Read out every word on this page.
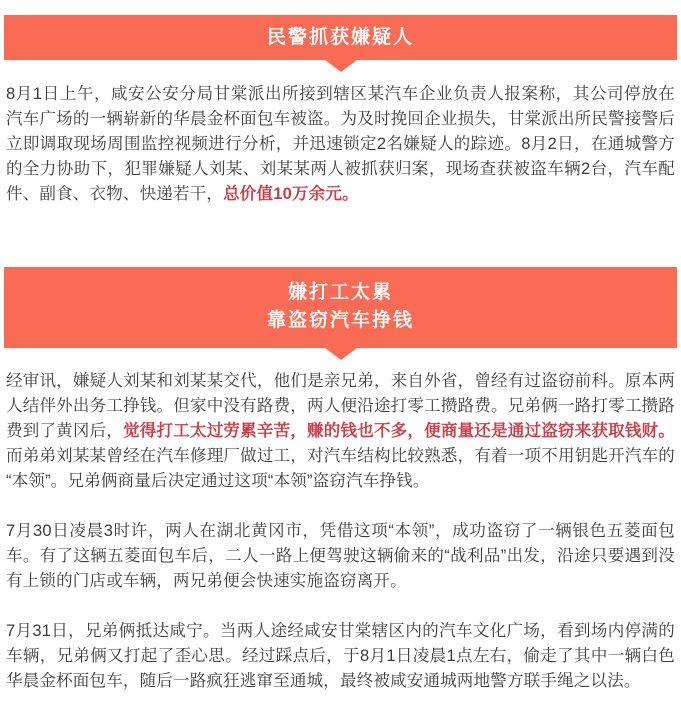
民警抓获嫌疑人

8月1日上午，咸安公安分局甘棠派出所接到辖区某汽车企业负责人报案称，其公司停放在汽车广场的一辆崭新的华晨金杯面包车被盗。为及时挽回企业损失，甘棠派出所民警接警后立即调取现场周围监控视频进行分析，并迅速锁定2名嫌疑人的踪迹。8月2日，在通城警方的全力协助下，犯罪嫌疑人刘某、刘某某两人被抓获归案，现场查获被盗车辆2台，汽车配件、副食、衣物、快递若干，总价值10万余元。

嫌打工太累
靠盗窃汽车挣钱

经审讯，嫌疑人刘某和刘某某交代，他们是亲兄弟，来自外省，曾经有过盗窃前科。原本两人结伴外出务工挣钱。但家中没有路费，两人便沿途打零工攒路费。兄弟俩一路打零工攒路费到了黄冈后，觉得打工太过劳累辛苦，赚的钱也不多，便商量还是通过盗窃来获取钱财。而弟弟刘某某曾经在汽车修理厂做过工，对汽车结构比较熟悉，有着一项不用钥匙开汽车的“本领”。兄弟俩商量后决定通过这项“本领”盗窃汽车挣钱。

7月30日凌晨3时许，两人在湖北黄冈市，凭借这项“本领”，成功盗窃了一辆银色五菱面包车。有了这辆五菱面包车后，二人一路上便驾驶这辆偷来的“战利品”出发，沿途只要遇到没有上锁的门店或车辆，两兄弟便会快速实施盗窃离开。

7月31日，兄弟俩抵达咸宁。当两人途经咸安甘棠辖区内的汽车文化广场，看到场内停满的车辆，兄弟俩又打起了歪心思。经过踩点后，于8月1日凌晨1点左右，偷走了其中一辆白色华晨金杯面包车，随后一路疯狂逃窜至通城，最终被咸安通城两地警方联手绳之以法。
